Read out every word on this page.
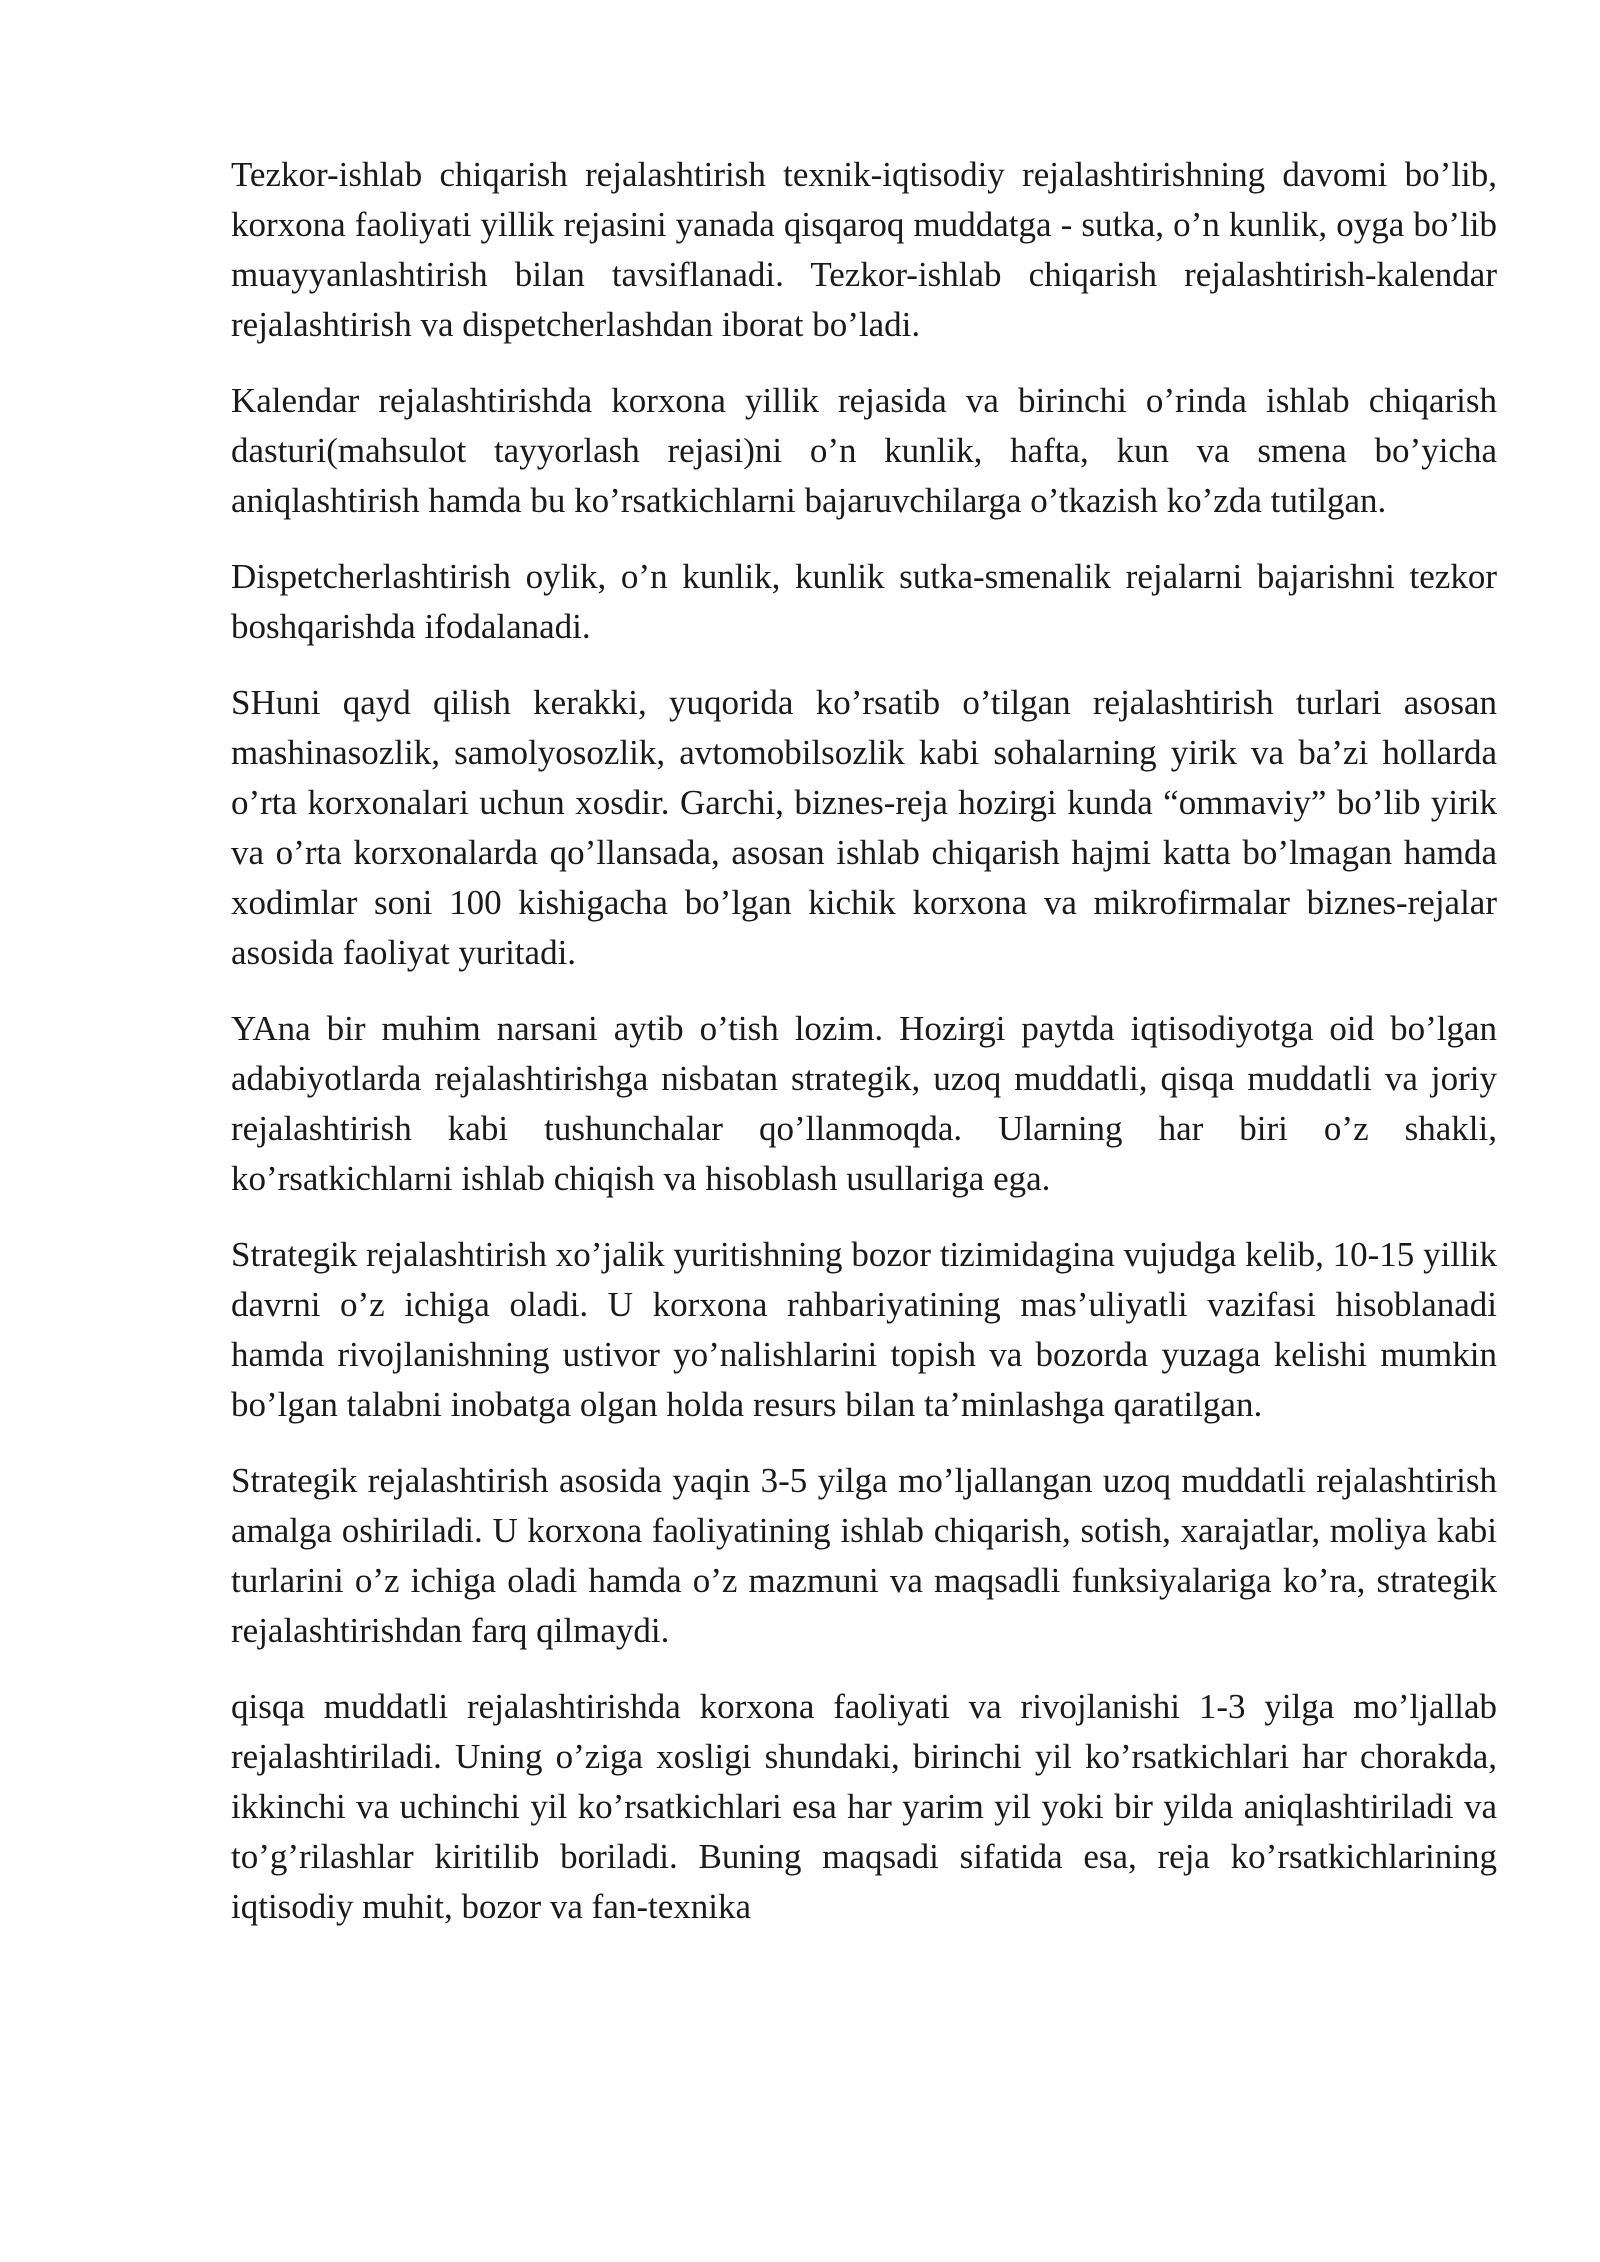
Tezkor-ishlab chiqarish rejalashtirish texnik-iqtisodiy rejalashtirishning davomi bo’lib, korxona faoliyati yillik rejasini yanada qisqaroq muddatga - sutka, o’n kunlik, oyga bo’lib muayyanlashtirish bilan tavsiflanadi. Tezkor-ishlab chiqarish rejalashtirish-kalendar rejalashtirish va dispetcherlashdan iborat bo’ladi.

Kalendar rejalashtirishda korxona yillik rejasida va birinchi o’rinda ishlab chiqarish dasturi(mahsulot tayyorlash rejasi)ni o’n kunlik, hafta, kun va smena bo’yicha aniqlashtirish hamda bu ko’rsatkichlarni bajaruvchilarga o’tkazish ko’zda tutilgan.

Dispetcherlashtirish oylik, o’n kunlik, kunlik sutka-smenalik rejalarni bajarishni tezkor boshqarishda ifodalanadi.

SHuni qayd qilish kerakki, yuqorida ko’rsatib o’tilgan rejalashtirish turlari asosan mashinasozlik, samolyosozlik, avtomobilsozlik kabi sohalarning yirik va ba’zi hollarda o’rta korxonalari uchun xosdir. Garchi, biznes-reja hozirgi kunda “ommaviy” bo’lib yirik va o’rta korxonalarda qo’llansada, asosan ishlab chiqarish hajmi katta bo’lmagan hamda xodimlar soni 100 kishigacha bo’lgan kichik korxona va mikrofirmalar biznes-rejalar asosida faoliyat yuritadi.

YAna bir muhim narsani aytib o’tish lozim. Hozirgi paytda iqtisodiyotga oid bo’lgan adabiyotlarda rejalashtirishga nisbatan strategik, uzoq muddatli, qisqa muddatli va joriy rejalashtirish kabi tushunchalar qo’llanmoqda. Ularning har biri o’z shakli, ko’rsatkichlarni ishlab chiqish va hisoblash usullariga ega.

Strategik rejalashtirish xo’jalik yuritishning bozor tizimidagina vujudga kelib, 10-15 yillik davrni o’z ichiga oladi. U korxona rahbariyatining mas’uliyatli vazifasi hisoblanadi hamda rivojlanishning ustivor yo’nalishlarini topish va bozorda yuzaga kelishi mumkin bo’lgan talabni inobatga olgan holda resurs bilan ta’minlashga qaratilgan.

Strategik rejalashtirish asosida yaqin 3-5 yilga mo’ljallangan uzoq muddatli rejalashtirish amalga oshiriladi. U korxona faoliyatining ishlab chiqarish, sotish, xarajatlar, moliya kabi turlarini o’z ichiga oladi hamda o’z mazmuni va maqsadli funksiyalariga ko’ra, strategik rejalashtirishdan farq qilmaydi.

qisqa muddatli rejalashtirishda korxona faoliyati va rivojlanishi 1-3 yilga mo’ljallab rejalashtiriladi. Uning o’ziga xosligi shundaki, birinchi yil ko’rsatkichlari har chorakda, ikkinchi va uchinchi yil ko’rsatkichlari esa har yarim yil yoki bir yilda aniqlashtiriladi va to’g’rilashlar kiritilib boriladi. Buning maqsadi sifatida esa, reja ko’rsatkichlarining iqtisodiy muhit, bozor va fan-texnika
